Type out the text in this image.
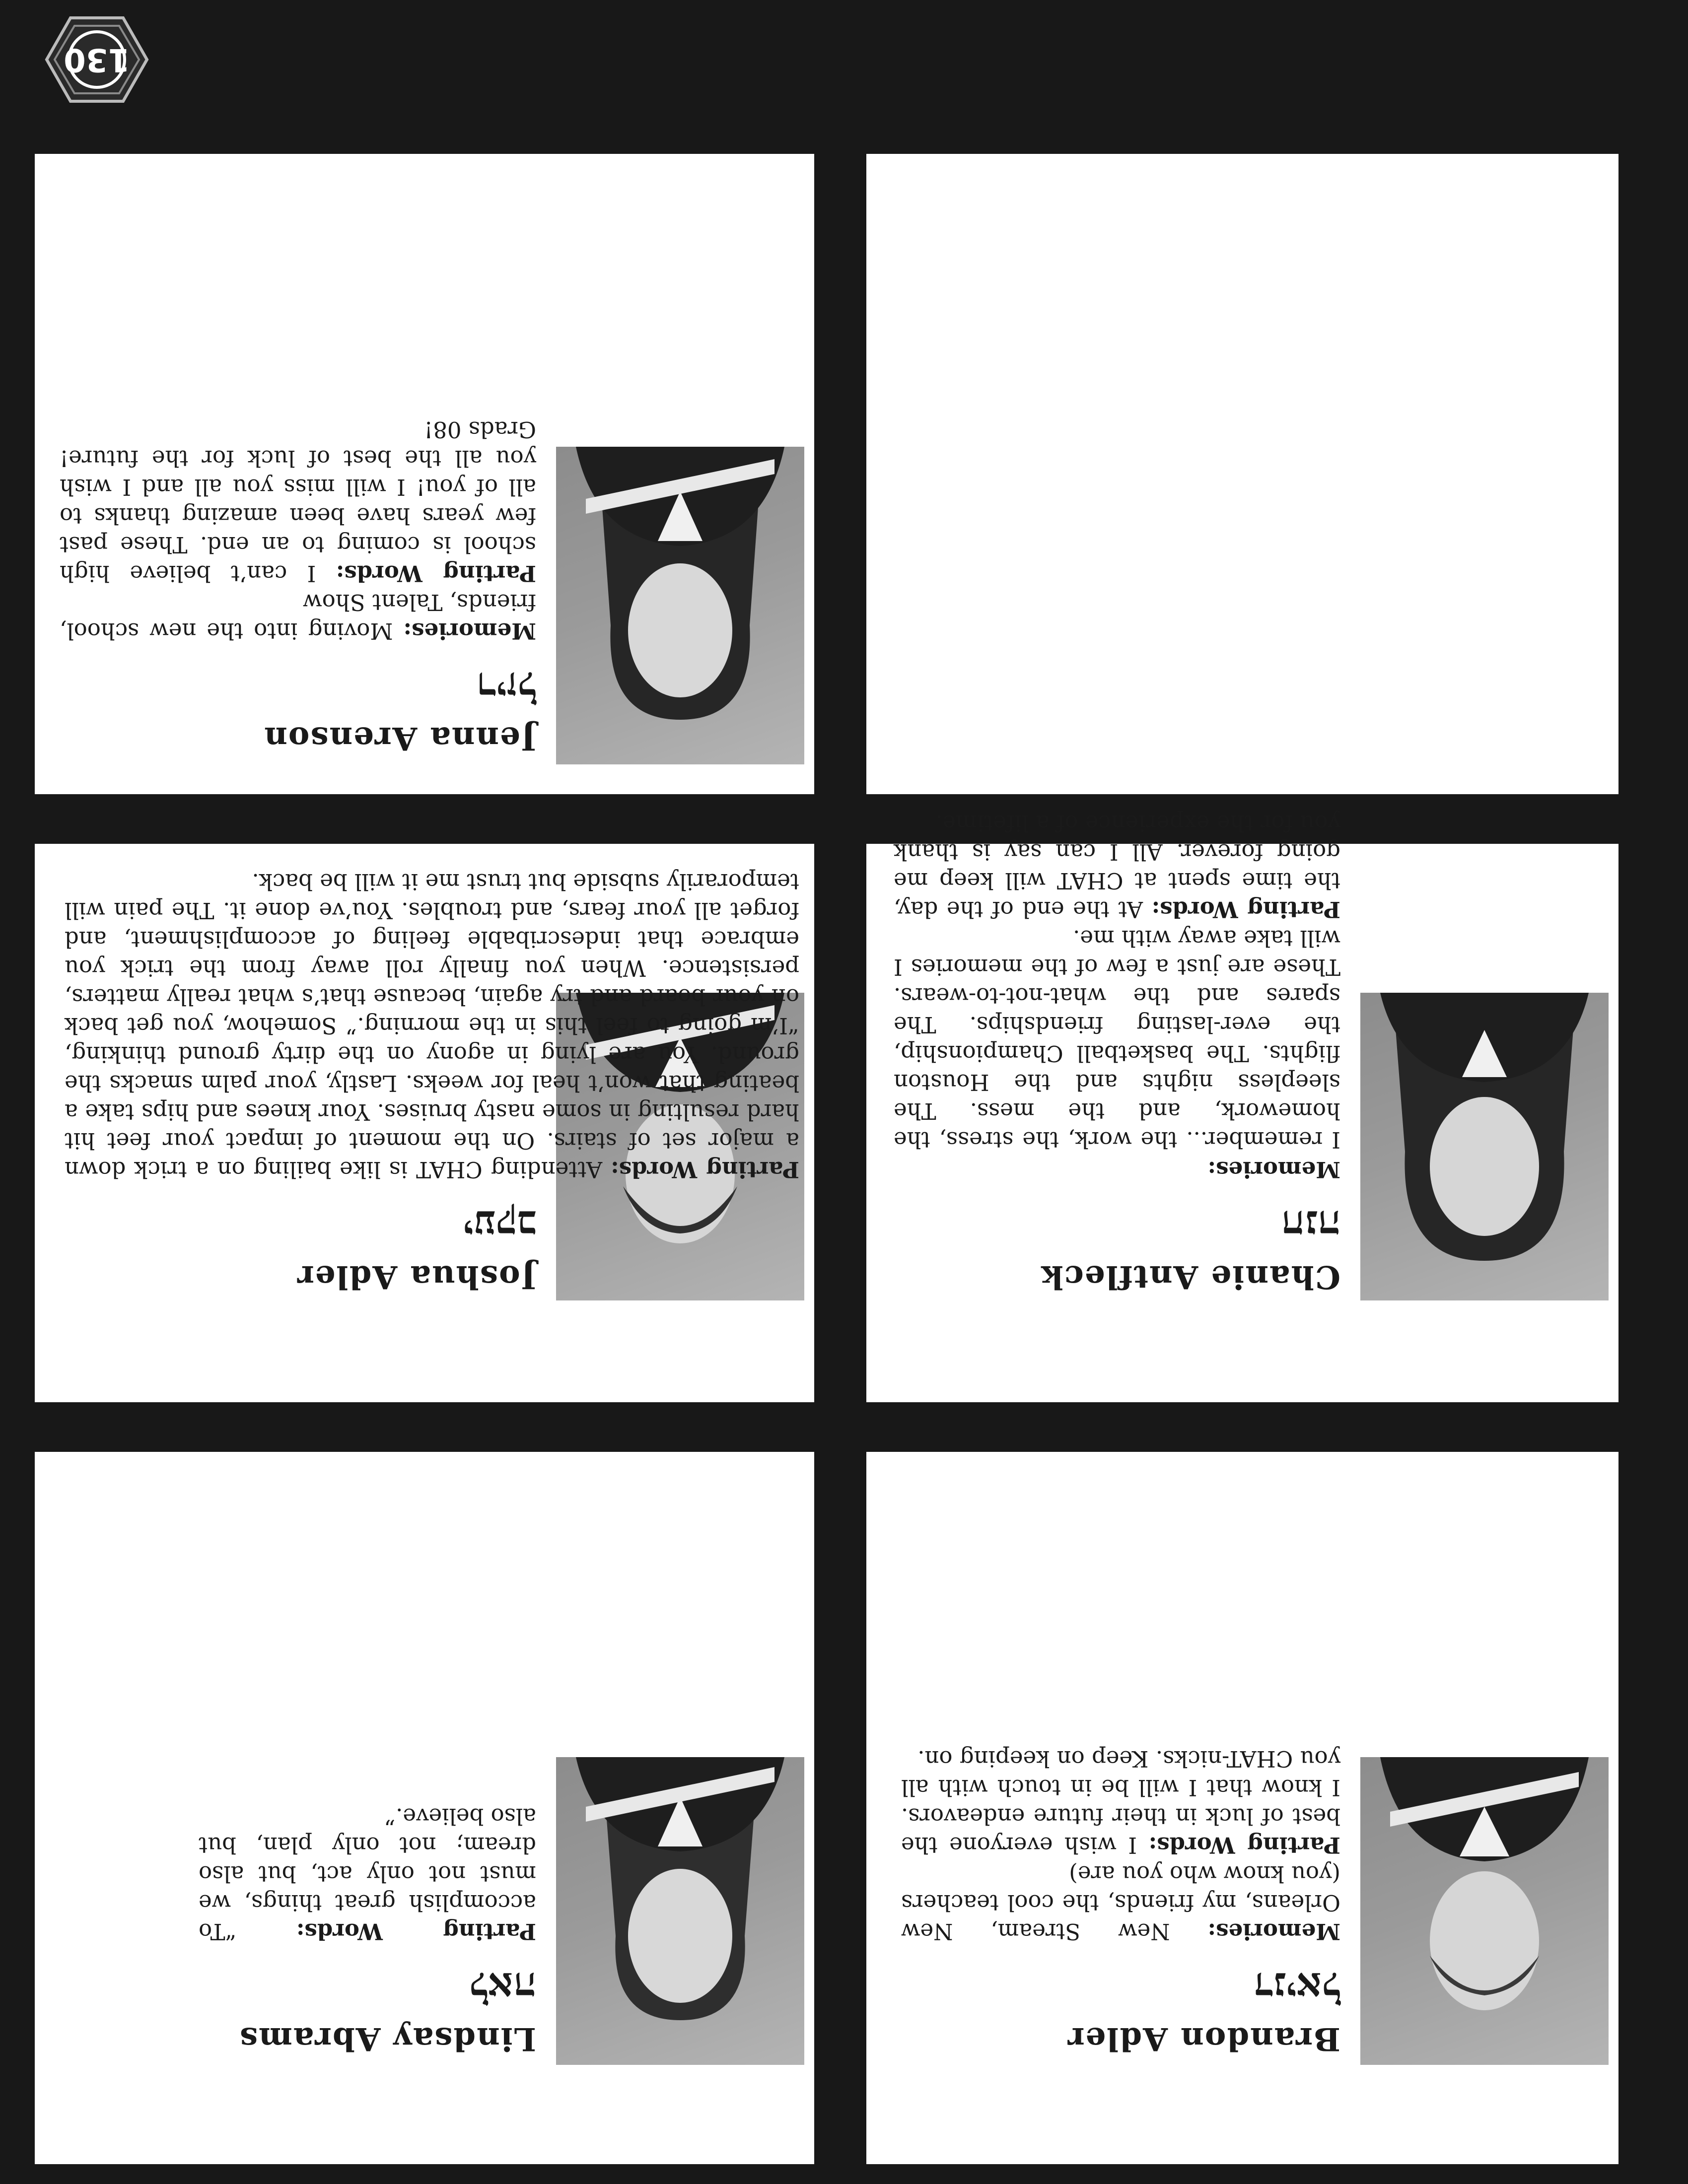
Brandon Adler
דניאל

Memories: New Stream, New Orleans, my friends, the cool teachers (you know who you are)

Parting Words: I wish everyone the best of luck in their future endeavors. I know that I will be in touch with all you CHAT-nicks. Keep on keeping on.

Lindsay Abrams
לאה

Parting Words: “To accomplish great things, we must not only act, but also dream; not only plan, but also believe.”

Chanie Antfleck
חנה

Memories:

I remember... the work, the stress, the homework, and the mess. The sleepless nights and the Houston flights. The basketball Championship, the ever-lasting friendships. The spares and the what-not-to-wears. These are just a few of the memories I will take away with me.

Parting Words: At the end of the day, the time spent at CHAT will keep me going forever. All I can say is thank you for the experience of a lifetime.

Joshua Adler
יעקב

Parting Words: Attending CHAT is like bailing on a trick down a major set of stairs. On the moment of impact your feet hit hard resulting in some nasty bruises. Your knees and hips take a beating that won’t heal for weeks. Lastly, your palm smacks the ground. You are lying in agony on the dirty ground thinking, “I’m going to feel this in the morning.” Somehow, you get back on your board and try again, because that’s what really matters, persistence. When you finally roll away from the trick you embrace that indescribable feeling of accomplishment, and forget all your fears, and troubles. You’ve done it. The pain will temporarily subside but trust me it will be back.

Jenna Arenson
ריזל

Memories: Moving into the new school, friends, Talent Show

Parting Words: I can’t believe high school is coming to an end. These past few years have been amazing thanks to all of you! I will miss you all and I wish you all the best of luck for the future! Grads 08!

130
